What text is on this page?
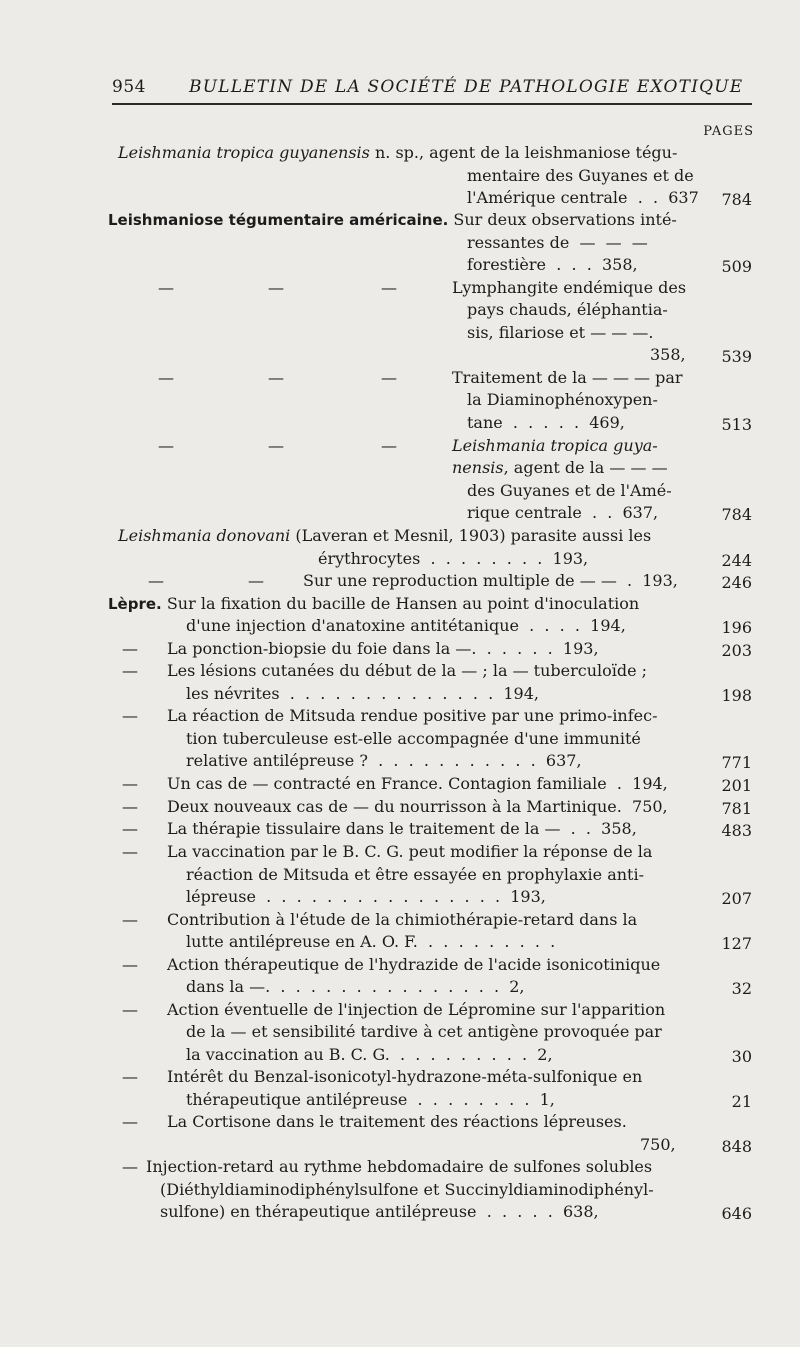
954	BULLETIN DE LA SOCIÉTÉ DE PATHOLOGIE EXOTIQUE
PAGES
Leishmania tropica guyanensis n. sp., agent de la leishmaniose tégu-
mentaire des Guyanes et de
l'Amérique centrale  .  .  637	784
Leishmaniose tégumentaire américaine. Sur deux observations inté-
ressantes de  —  —  —
forestière  .  .  .  358,	509
—	—	—	Lymphangite endémique des
pays chauds, éléphantia-
sis, filariose et — — —.
358,	539
—	—	—	Traitement de la — — — par
la Diaminophénoxypen-
tane  .  .  .  .  .  469,	513
—	—	—	Leishmania tropica guya-
nensis, agent de la — — —
des Guyanes et de l'Amé-
rique centrale  .  .  637,	784
Leishmania donovani (Laveran et Mesnil, 1903) parasite aussi les
érythrocytes  .  .  .  .  .  .  .  .  193,	244
—	— Sur une reproduction multiple de — —  .  193,	246
Lèpre. Sur la fixation du bacille de Hansen au point d'inoculation
d'une injection d'anatoxine antitétanique  .  .  .  .  194,	196
— La ponction-biopsie du foie dans la —.  .  .  .  .  .  193,	203
— Les lésions cutanées du début de la — ; la — tuberculoïde ;
les névrites  .  .  .  .  .  .  .  .  .  .  .  .  .  .  194,	198
— La réaction de Mitsuda rendue positive par une primo-infec-
tion tuberculeuse est-elle accompagnée d'une immunité
relative antilépreuse ?  .  .  .  .  .  .  .  .  .  .  .  637,	771
— Un cas de — contracté en France. Contagion familiale  .  194,	201
— Deux nouveaux cas de — du nourrisson à la Martinique.  750,	781
— La thérapie tissulaire dans le traitement de la —  .  .  358,	483
— La vaccination par le B. C. G. peut modifier la réponse de la
réaction de Mitsuda et être essayée en prophylaxie anti-
lépreuse  .  .  .  .  .  .  .  .  .  .  .  .  .  .  .  .  193,	207
— Contribution à l'étude de la chimiothérapie-retard dans la
lutte antilépreuse en A. O. F.  .  .  .  .  .  .  .  .  .	127
— Action thérapeutique de l'hydrazide de l'acide isonicotinique
dans la —.  .  .  .  .  .  .  .  .  .  .  .  .  .  .  .  2,	32
— Action éventuelle de l'injection de Lépromine sur l'apparition
de la — et sensibilité tardive à cet antigène provoquée par
la vaccination au B. C. G.  .  .  .  .  .  .  .  .  .  2,	30
— Intérêt du Benzal-isonicotyl-hydrazone-méta-sulfonique en
thérapeutique antilépreuse  .  .  .  .  .  .  .  .  1,	21
— La Cortisone dans le traitement des réactions lépreuses.
750,	848
— Injection-retard au rythme hebdomadaire de sulfones solubles
(Diéthyldiaminodiphénylsulfone et Succinyldiaminodiphényl-
sulfone) en thérapeutique antilépreuse  .  .  .  .  .  638,	646
